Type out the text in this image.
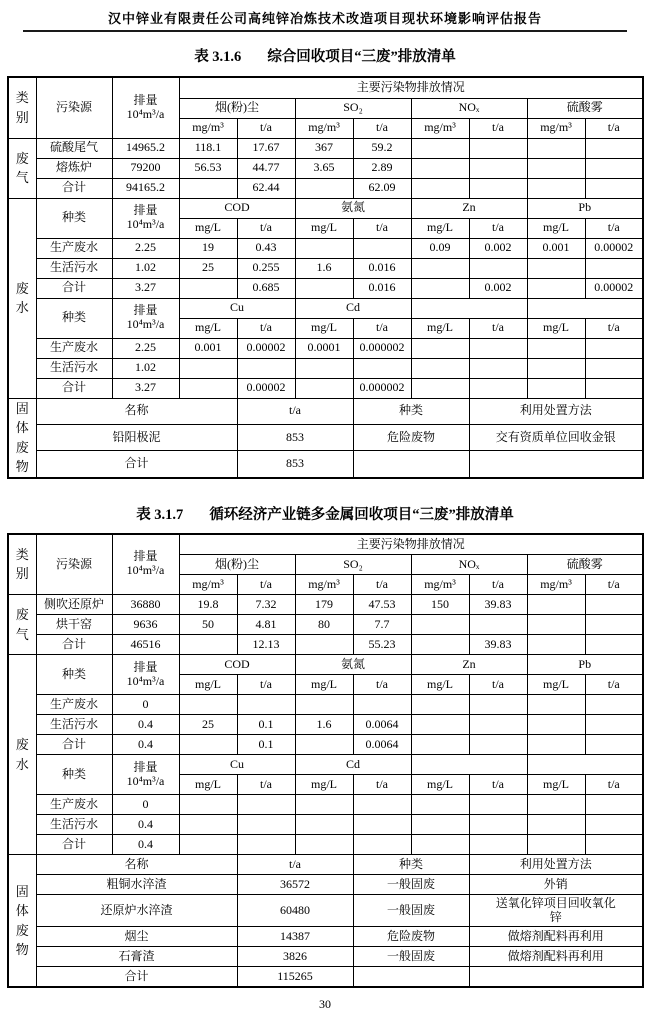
汉中锌业有限责任公司高纯锌冶炼技术改造项目现状环境影响评估报告
表 3.1.6 综合回收项目“三废”排放清单
类别	污染源	排量
10⁴m³/a	主要污染物排放情况							
			烟(粉)尘		SO₂		NOₓ		硫酸雾	
			mg/m³	t/a	mg/m³	t/a	mg/m³	t/a	mg/m³	t/a
废气	硫酸尾气	14965.2	118.1	17.67	367	59.2				
	熔炼炉	79200	56.53	44.77	3.65	2.89				
	合计	94165.2		62.44		62.09				
废水	种类	排量
10⁴m³/a	COD		氨氮		Zn		Pb	
			mg/L	t/a	mg/L	t/a	mg/L	t/a	mg/L	t/a
	生产废水	2.25	19	0.43			0.09	0.002	0.001	0.00002
	生活污水	1.02	25	0.255	1.6	0.016				
	合计	3.27		0.685		0.016		0.002		0.00002
	种类	排量
10⁴m³/a	Cu		Cd					
			mg/L	t/a	mg/L	t/a	mg/L	t/a	mg/L	t/a
	生产废水	2.25	0.001	0.00002	0.0001	0.000002				
	生活污水	1.02								
	合计	3.27		0.00002		0.000002				
固体废物	名称			t/a		种类		利用处置方法		
	铅阳极泥			853		危险废物		交有资质单位回收金银		
	合计			853						
表 3.1.7 循环经济产业链多金属回收项目“三废”排放清单
类别	污染源	排量
10⁴m³/a	主要污染物排放情况							
			烟(粉)尘		SO₂		NOₓ		硫酸雾	
			mg/m³	t/a	mg/m³	t/a	mg/m³	t/a	mg/m³	t/a
废气	侧吹还原炉	36880	19.8	7.32	179	47.53	150	39.83		
	烘干窑	9636	50	4.81	80	7.7				
	合计	46516		12.13		55.23		39.83		
废水	种类	排量
10⁴m³/a	COD		氨氮		Zn		Pb	
			mg/L	t/a	mg/L	t/a	mg/L	t/a	mg/L	t/a
	生产废水	0								
	生活污水	0.4	25	0.1	1.6	0.0064				
	合计	0.4		0.1		0.0064				
	种类	排量
10⁴m³/a	Cu		Cd					
			mg/L	t/a	mg/L	t/a	mg/L	t/a	mg/L	t/a
	生产废水	0								
	生活污水	0.4								
	合计	0.4								
固体废物	名称			t/a		种类		利用处置方法		
	粗铜水淬渣			36572		一般固废		外销		
	还原炉水淬渣			60480		一般固废		送氧化锌项目回收氧化锌		
	烟尘			14387		危险废物		做熔剂配料再利用		
	石膏渣			3826		一般固废		做熔剂配料再利用		
	合计			115265						
30
